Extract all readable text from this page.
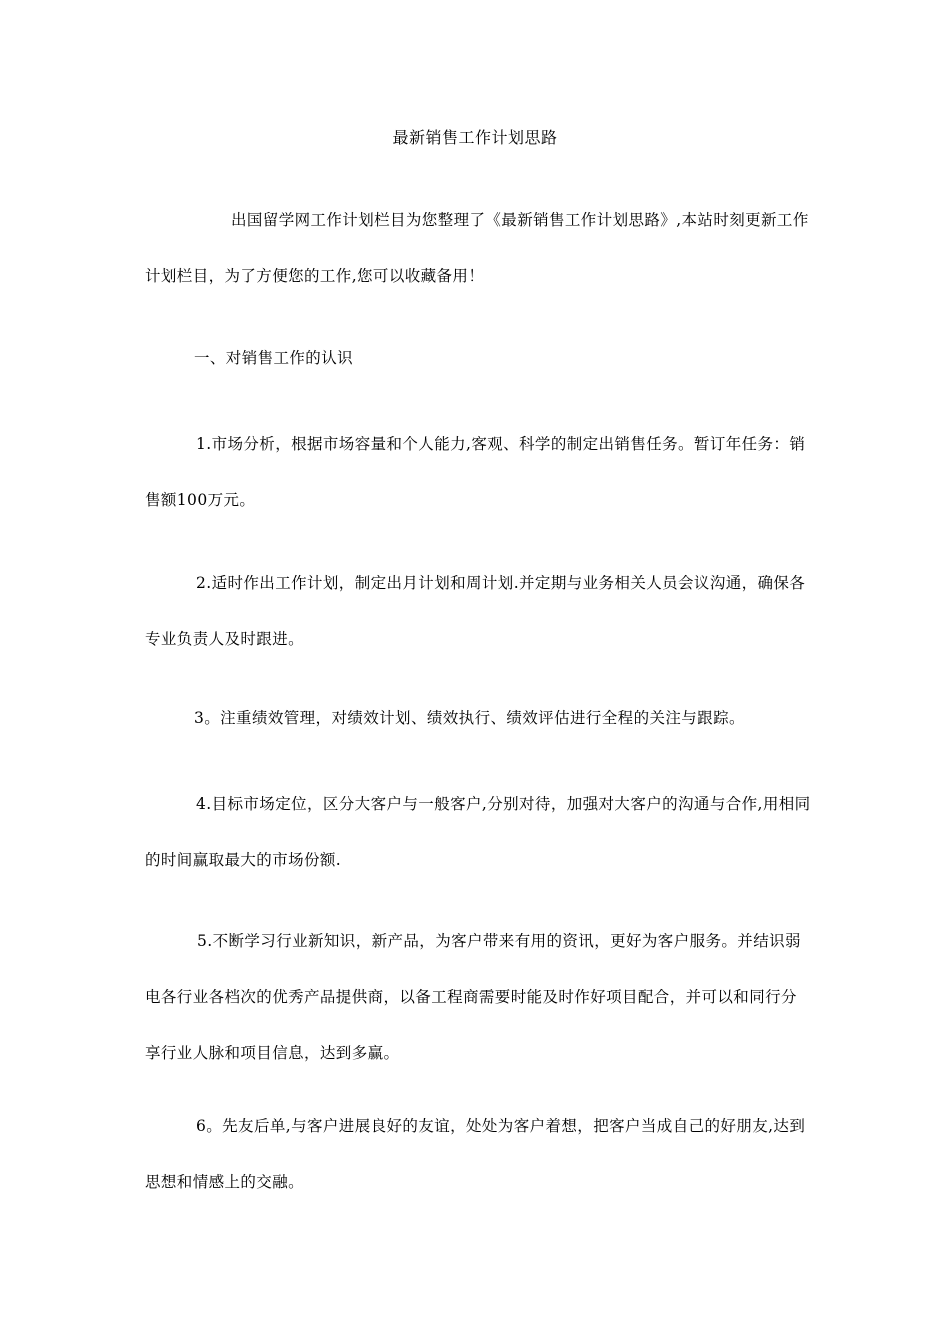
最新销售工作计划思路

出国留学网工作计划栏目为您整理了《最新销售工作计划思路》,本站时刻更新工作计划栏目，为了方便您的工作,您可以收藏备用！

一、对销售工作的认识

1.市场分析，根据市场容量和个人能力,客观、科学的制定出销售任务。暂订年任务：销售额100万元。

2.适时作出工作计划，制定出月计划和周计划.并定期与业务相关人员会议沟通，确保各专业负责人及时跟进。

3。注重绩效管理，对绩效计划、绩效执行、绩效评估进行全程的关注与跟踪。

4.目标市场定位，区分大客户与一般客户,分别对待，加强对大客户的沟通与合作,用相同的时间赢取最大的市场份额.

5.不断学习行业新知识，新产品，为客户带来有用的资讯，更好为客户服务。并结识弱电各行业各档次的优秀产品提供商，以备工程商需要时能及时作好项目配合，并可以和同行分享行业人脉和项目信息，达到多赢。

6。先友后单,与客户进展良好的友谊，处处为客户着想，把客户当成自己的好朋友,达到思想和情感上的交融。
